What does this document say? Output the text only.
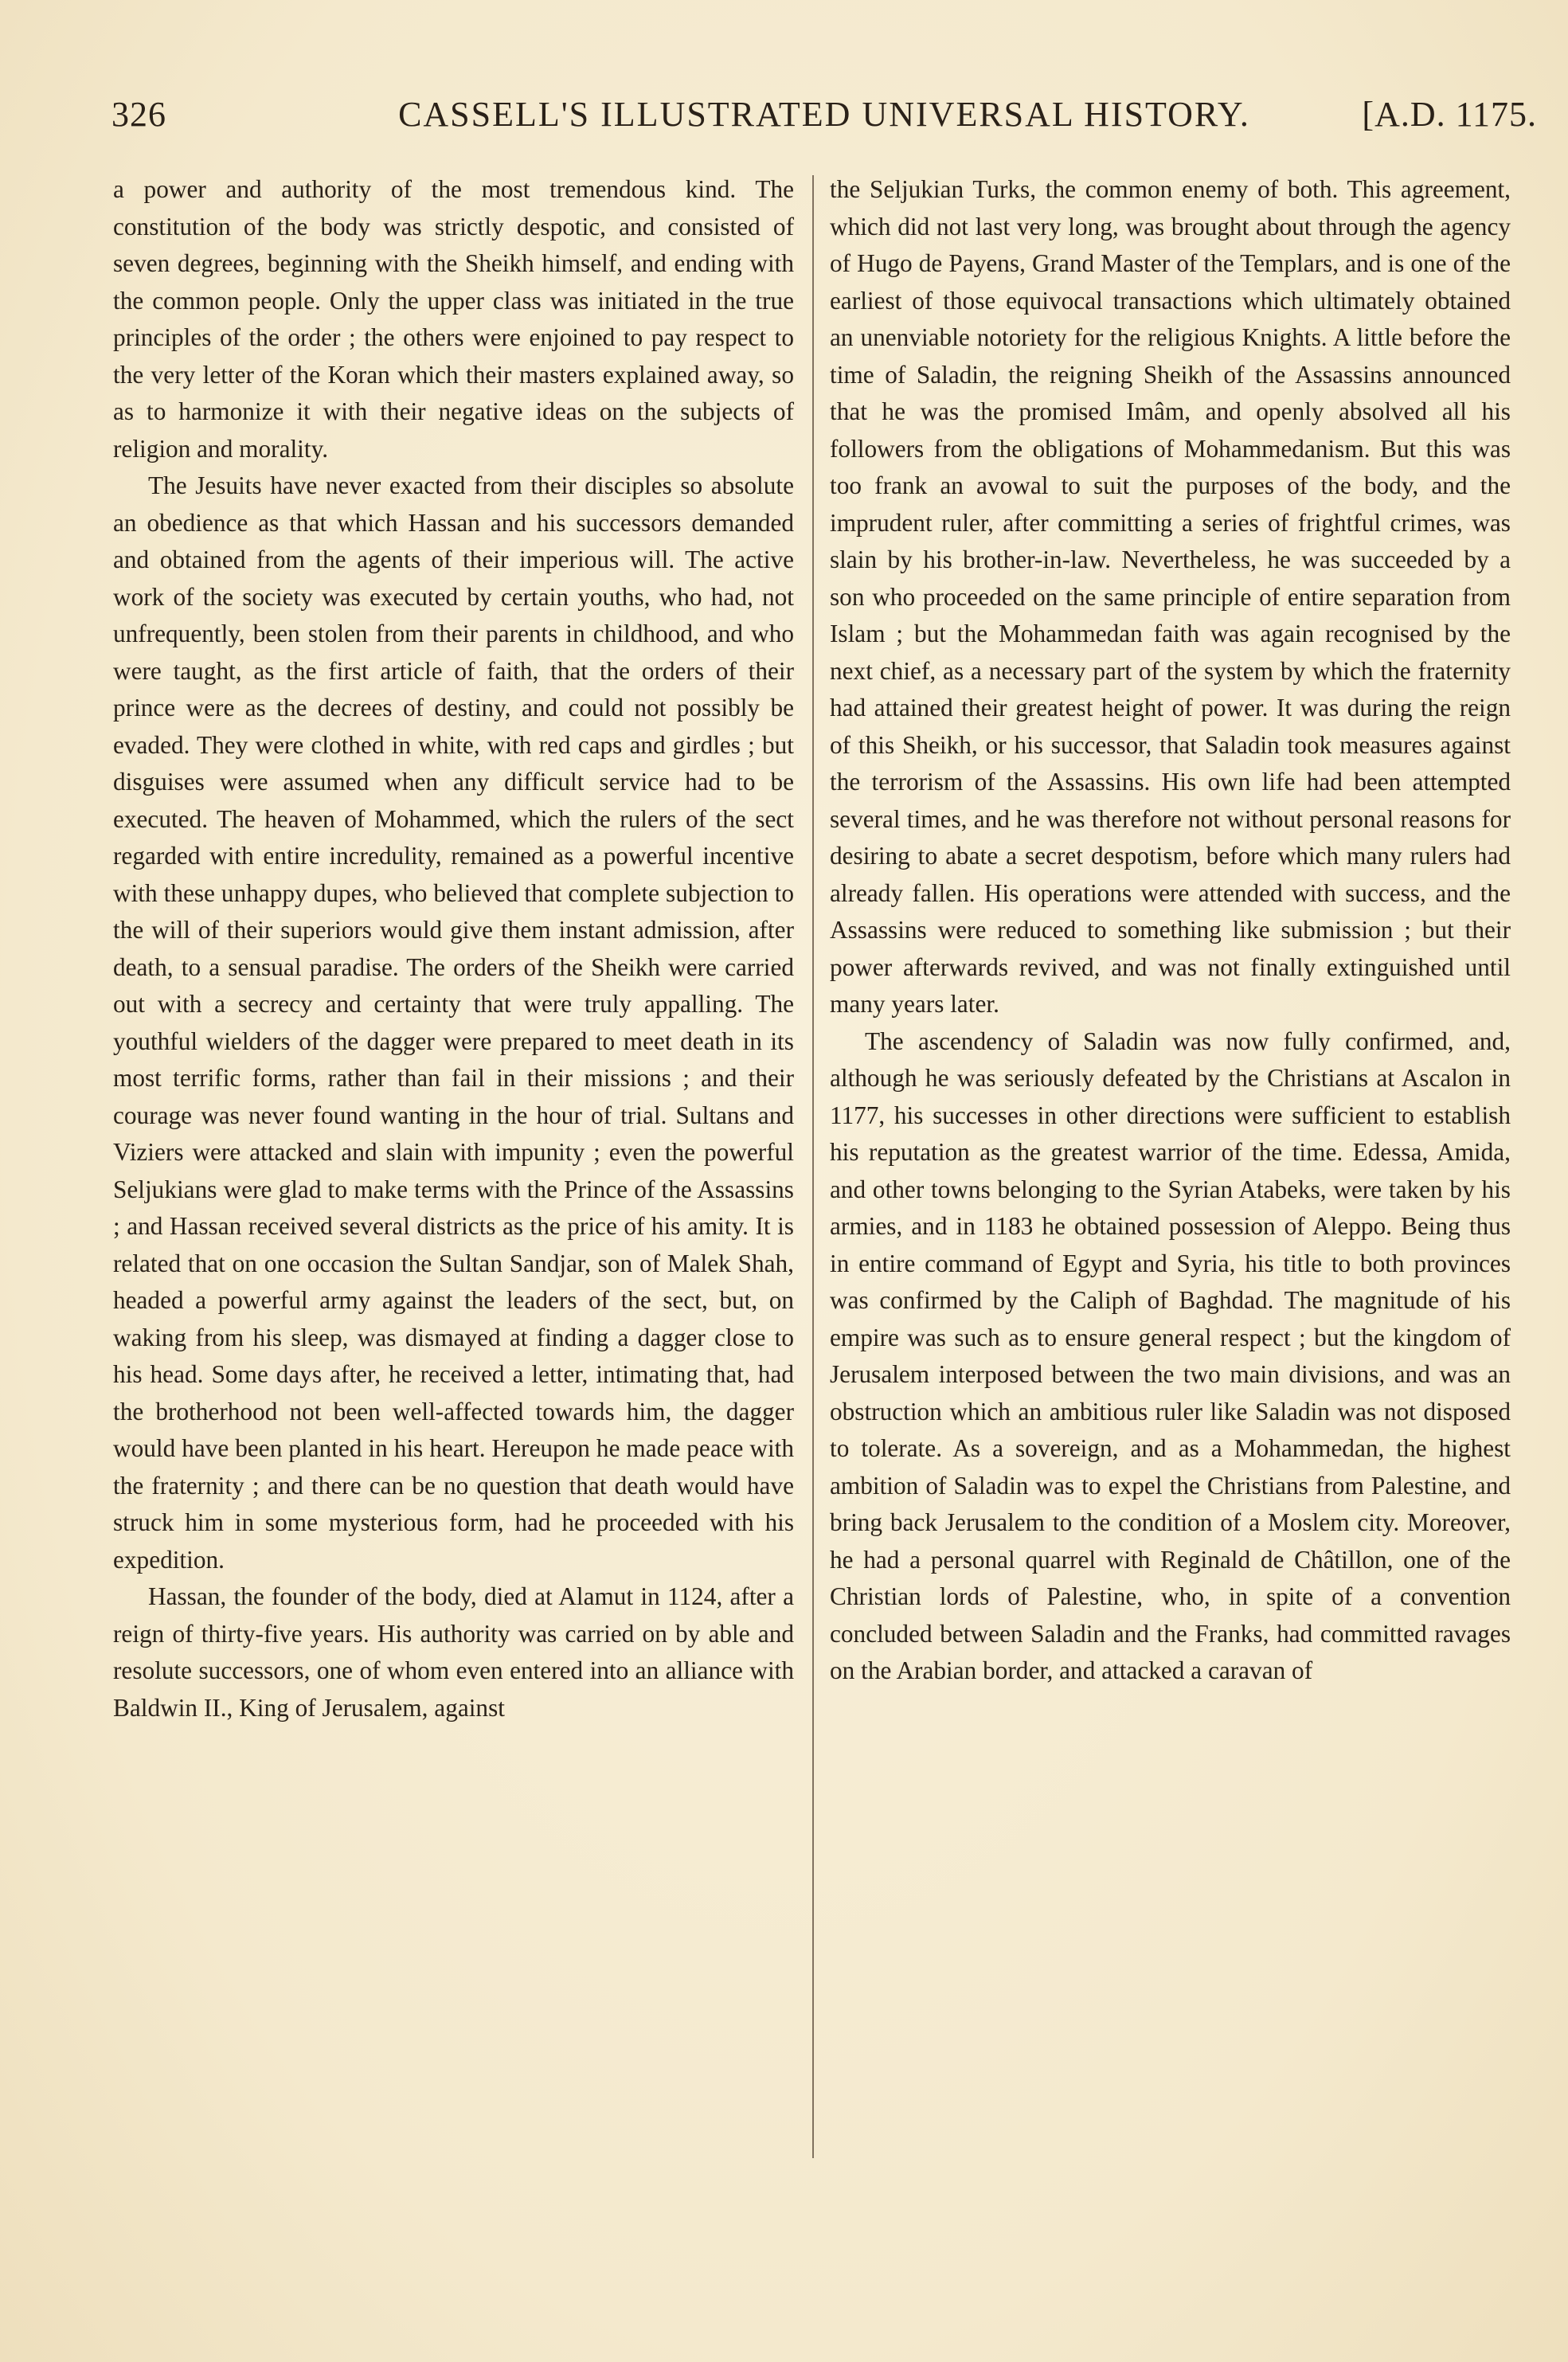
326	CASSELL'S ILLUSTRATED UNIVERSAL HISTORY.	[A.D. 1175.

a power and authority of the most tremendous kind. The constitution of the body was strictly despotic, and consisted of seven degrees, beginning with the Sheikh himself, and ending with the common people. Only the upper class was initiated in the true principles of the order ; the others were enjoined to pay respect to the very letter of the Koran which their masters explained away, so as to harmonize it with their negative ideas on the subjects of religion and morality.

The Jesuits have never exacted from their disciples so absolute an obedience as that which Hassan and his successors demanded and obtained from the agents of their imperious will. The active work of the society was executed by certain youths, who had, not unfrequently, been stolen from their parents in childhood, and who were taught, as the first article of faith, that the orders of their prince were as the decrees of destiny, and could not possibly be evaded. They were clothed in white, with red caps and girdles ; but disguises were assumed when any difficult service had to be executed. The heaven of Mohammed, which the rulers of the sect regarded with entire incredulity, remained as a powerful incentive with these unhappy dupes, who believed that complete subjection to the will of their superiors would give them instant admission, after death, to a sensual paradise. The orders of the Sheikh were carried out with a secrecy and certainty that were truly appalling. The youthful wielders of the dagger were prepared to meet death in its most terrific forms, rather than fail in their missions ; and their courage was never found wanting in the hour of trial. Sultans and Viziers were attacked and slain with impunity ; even the powerful Seljukians were glad to make terms with the Prince of the Assassins ; and Hassan received several districts as the price of his amity. It is related that on one occasion the Sultan Sandjar, son of Malek Shah, headed a powerful army against the leaders of the sect, but, on waking from his sleep, was dismayed at finding a dagger close to his head. Some days after, he received a letter, intimating that, had the brotherhood not been well-affected towards him, the dagger would have been planted in his heart. Hereupon he made peace with the fraternity ; and there can be no question that death would have struck him in some mysterious form, had he proceeded with his expedition.

Hassan, the founder of the body, died at Alamut in 1124, after a reign of thirty-five years. His authority was carried on by able and resolute successors, one of whom even entered into an alliance with Baldwin II., King of Jerusalem, against

the Seljukian Turks, the common enemy of both. This agreement, which did not last very long, was brought about through the agency of Hugo de Payens, Grand Master of the Templars, and is one of the earliest of those equivocal transactions which ultimately obtained an unenviable notoriety for the religious Knights. A little before the time of Saladin, the reigning Sheikh of the Assassins announced that he was the promised Imâm, and openly absolved all his followers from the obligations of Mohammedanism. But this was too frank an avowal to suit the purposes of the body, and the imprudent ruler, after committing a series of frightful crimes, was slain by his brother-in-law. Nevertheless, he was succeeded by a son who proceeded on the same principle of entire separation from Islam ; but the Mohammedan faith was again recognised by the next chief, as a necessary part of the system by which the fraternity had attained their greatest height of power. It was during the reign of this Sheikh, or his successor, that Saladin took measures against the terrorism of the Assassins. His own life had been attempted several times, and he was therefore not without personal reasons for desiring to abate a secret despotism, before which many rulers had already fallen. His operations were attended with success, and the Assassins were reduced to something like submission ; but their power afterwards revived, and was not finally extinguished until many years later.

The ascendency of Saladin was now fully confirmed, and, although he was seriously defeated by the Christians at Ascalon in 1177, his successes in other directions were sufficient to establish his reputation as the greatest warrior of the time. Edessa, Amida, and other towns belonging to the Syrian Atabeks, were taken by his armies, and in 1183 he obtained possession of Aleppo. Being thus in entire command of Egypt and Syria, his title to both provinces was confirmed by the Caliph of Baghdad. The magnitude of his empire was such as to ensure general respect ; but the kingdom of Jerusalem interposed between the two main divisions, and was an obstruction which an ambitious ruler like Saladin was not disposed to tolerate. As a sovereign, and as a Mohammedan, the highest ambition of Saladin was to expel the Christians from Palestine, and bring back Jerusalem to the condition of a Moslem city. Moreover, he had a personal quarrel with Reginald de Châtillon, one of the Christian lords of Palestine, who, in spite of a convention concluded between Saladin and the Franks, had committed ravages on the Arabian border, and attacked a caravan of
